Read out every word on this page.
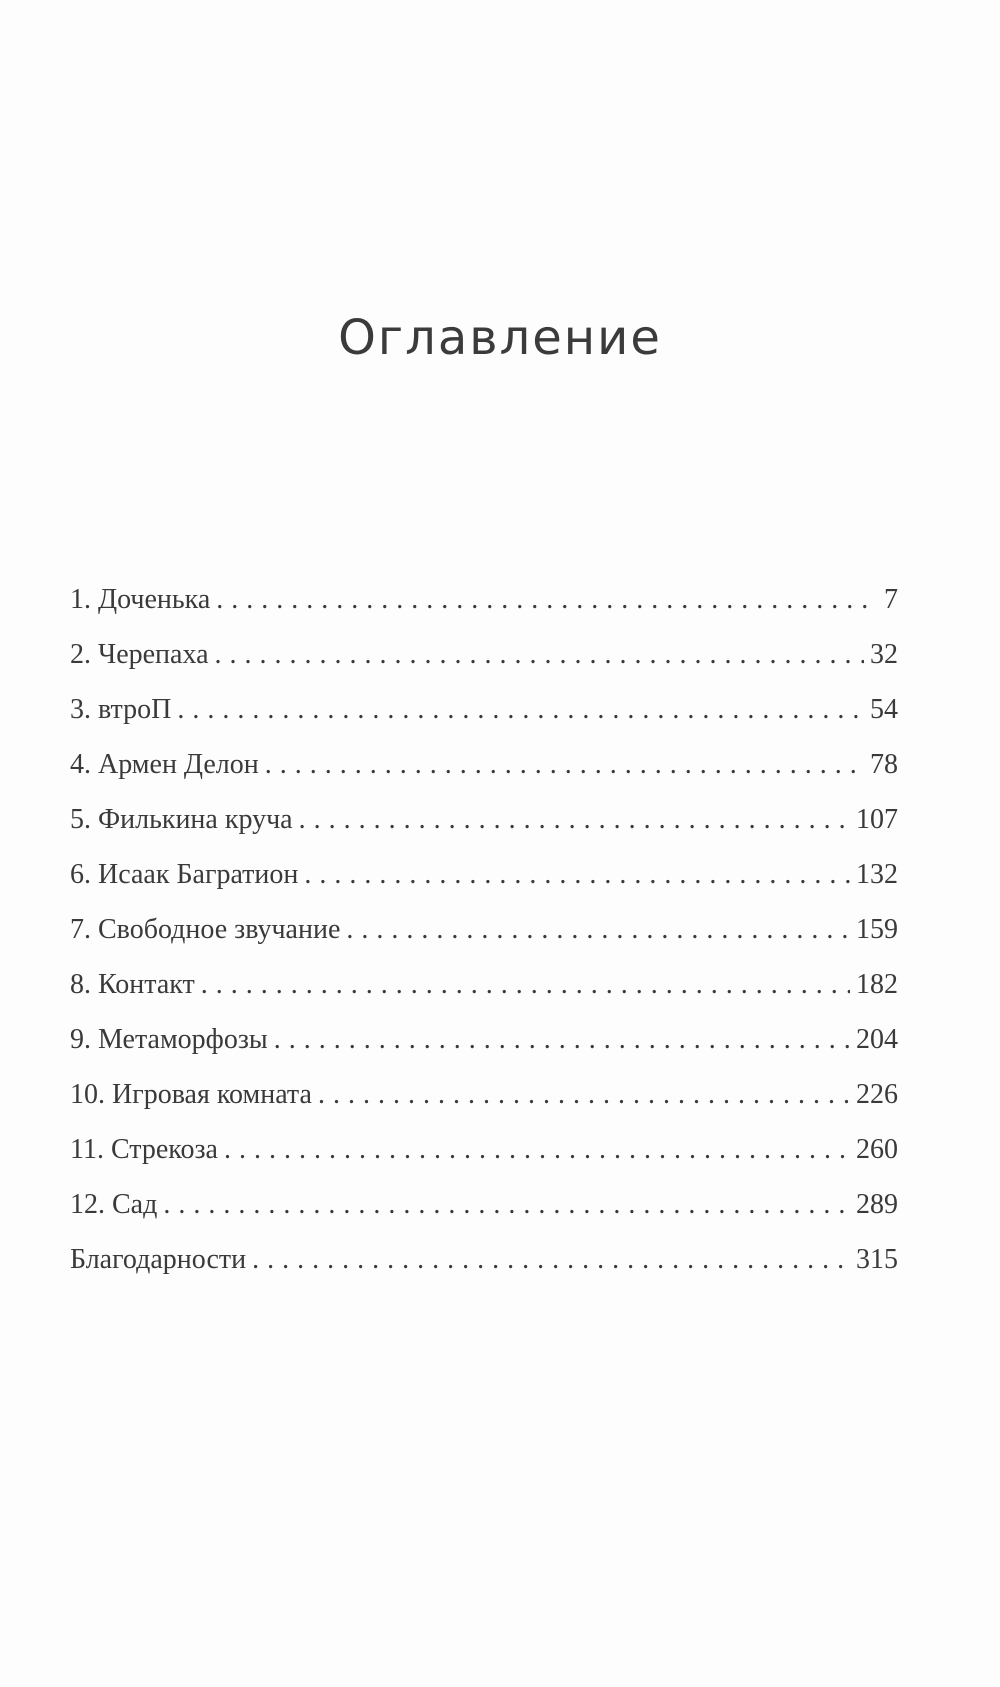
Оглавление
1. Доченька . . .	7
2. Черепаха . . .	32
3. втроП . . .	54
4. Армен Делон . . .	78
5. Филькина круча . . .	107
6. Исаак Багратион . . .	132
7. Свободное звучание . . .	159
8. Контакт . . .	182
9. Метаморфозы . . .	204
10. Игровая комната . . .	226
11. Стрекоза . . .	260
12. Сад . . .	289
Благодарности . . .	315
